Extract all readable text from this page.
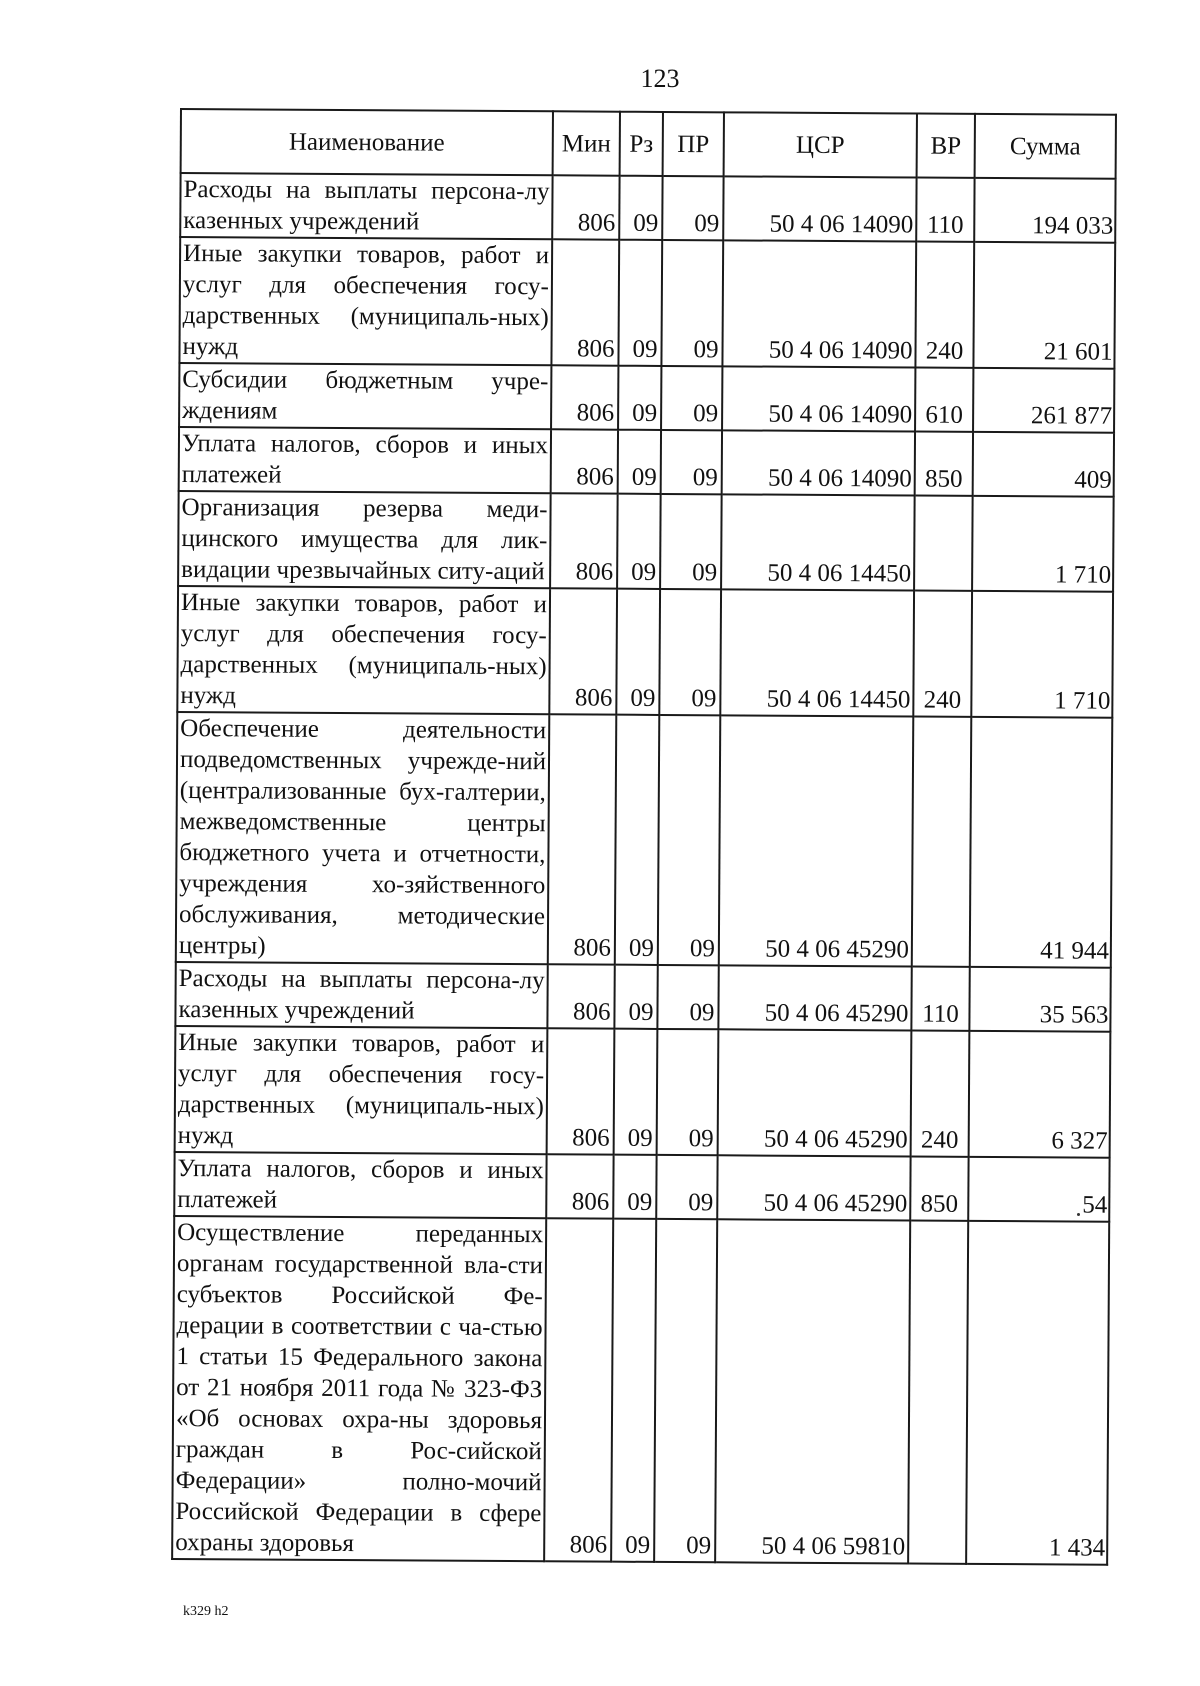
123
Наименование	Мин	Рз	ПР	ЦСР	ВР	Сумма
Расходы на выплаты персона-лу казенных учреждений	806	09	09	50 4 06 14090	110	194 033
Иные закупки товаров, работ и услуг для обеспечения госу-дарственных (муниципаль-ных) нужд	806	09	09	50 4 06 14090	240	21 601
Субсидии бюджетным учре-ждениям	806	09	09	50 4 06 14090	610	261 877
Уплата налогов, сборов и иных платежей	806	09	09	50 4 06 14090	850	409
Организация резерва меди-цинского имущества для лик-видации чрезвычайных ситу-аций	806	09	09	50 4 06 14450		1 710
Иные закупки товаров, работ и услуг для обеспечения госу-дарственных (муниципаль-ных) нужд	806	09	09	50 4 06 14450	240	1 710
Обеспечение деятельности подведомственных учрежде-ний (централизованные бух-галтерии, межведомственные центры бюджетного учета и отчетности, учреждения хо-зяйственного обслуживания, методические центры)	806	09	09	50 4 06 45290		41 944
Расходы на выплаты персона-лу казенных учреждений	806	09	09	50 4 06 45290	110	35 563
Иные закупки товаров, работ и услуг для обеспечения госу-дарственных (муниципаль-ных) нужд	806	09	09	50 4 06 45290	240	6 327
Уплата налогов, сборов и иных платежей	806	09	09	50 4 06 45290	850	54
Осуществление переданных органам государственной вла-сти субъектов Российской Фе-дерации в соответствии с ча-стью 1 статьи 15 Федерального закона от 21 ноября 2011 года № 323-ФЗ «Об основах охра-ны здоровья граждан в Рос-сийской Федерации» полно-мочий Российской Федерации в сфере охраны здоровья	806	09	09	50 4 06 59810		1 434
k329 h2
